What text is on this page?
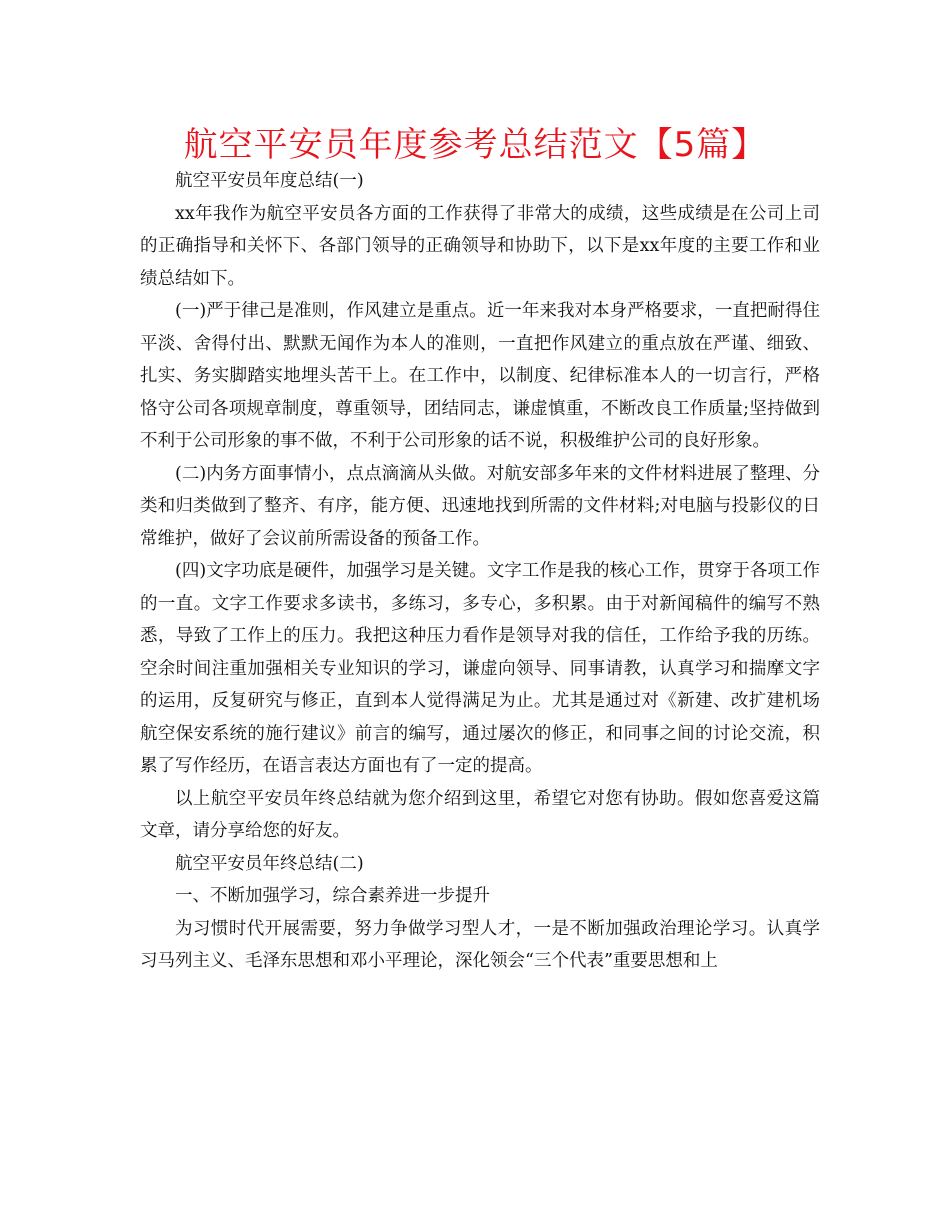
航空平安员年度参考总结范文【5篇】

航空平安员年度总结(一)

xx年我作为航空平安员各方面的工作获得了非常大的成绩，这些成绩是在公司上司的正确指导和关怀下、各部门领导的正确领导和协助下，以下是xx年度的主要工作和业绩总结如下。

(一)严于律己是准则，作风建立是重点。近一年来我对本身严格要求，一直把耐得住平淡、舍得付出、默默无闻作为本人的准则，一直把作风建立的重点放在严谨、细致、扎实、务实脚踏实地埋头苦干上。在工作中，以制度、纪律标准本人的一切言行，严格恪守公司各项规章制度，尊重领导，团结同志，谦虚慎重，不断改良工作质量;坚持做到不利于公司形象的事不做，不利于公司形象的话不说，积极维护公司的良好形象。

(二)内务方面事情小，点点滴滴从头做。对航安部多年来的文件材料进展了整理、分类和归类做到了整齐、有序，能方便、迅速地找到所需的文件材料;对电脑与投影仪的日常维护，做好了会议前所需设备的预备工作。

(四)文字功底是硬件，加强学习是关键。文字工作是我的核心工作，贯穿于各项工作的一直。文字工作要求多读书，多练习，多专心，多积累。由于对新闻稿件的编写不熟悉，导致了工作上的压力。我把这种压力看作是领导对我的信任，工作给予我的历练。空余时间注重加强相关专业知识的学习，谦虚向领导、同事请教，认真学习和揣摩文字的运用，反复研究与修正，直到本人觉得满足为止。尤其是通过对《新建、改扩建机场航空保安系统的施行建议》前言的编写，通过屡次的修正，和同事之间的讨论交流，积累了写作经历，在语言表达方面也有了一定的提高。

以上航空平安员年终总结就为您介绍到这里，希望它对您有协助。假如您喜爱这篇文章，请分享给您的好友。

航空平安员年终总结(二)

一、不断加强学习，综合素养进一步提升

为习惯时代开展需要，努力争做学习型人才，一是不断加强政治理论学习。认真学习马列主义、毛泽东思想和邓小平理论，深化领会“三个代表”重要思想和上
